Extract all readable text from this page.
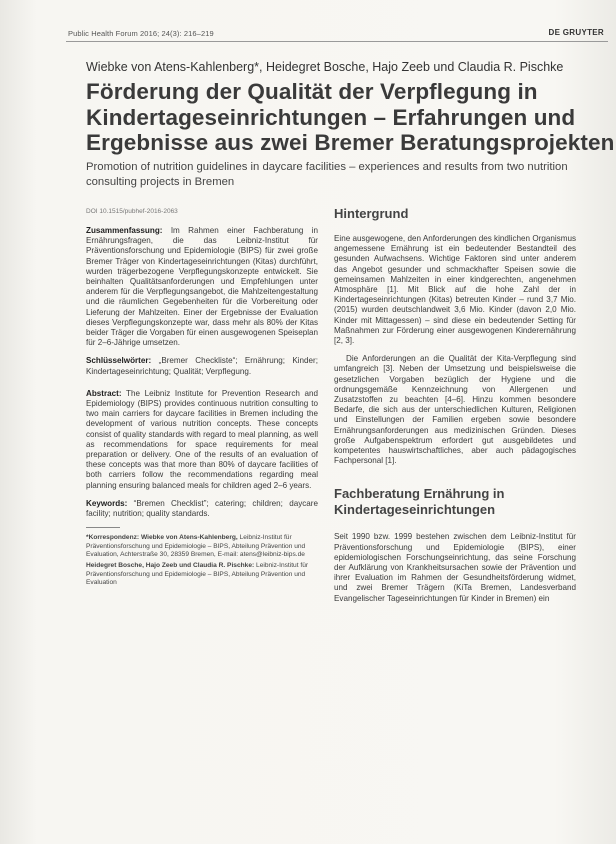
Public Health Forum 2016; 24(3): 216–219	DE GRUYTER
Wiebke von Atens-Kahlenberg*, Heidegret Bosche, Hajo Zeeb und Claudia R. Pischke
Förderung der Qualität der Verpflegung in
Kindertageseinrichtungen – Erfahrungen und
Ergebnisse aus zwei Bremer Beratungsprojekten
Promotion of nutrition guidelines in daycare facilities – experiences and results from two nutrition consulting projects in Bremen
DOI 10.1515/pubhef-2016-2063

Zusammenfassung: Im Rahmen einer Fachberatung in Ernährungsfragen, die das Leibniz-Institut für Präventionsforschung und Epidemiologie (BIPS) für zwei große Bremer Träger von Kindertageseinrichtungen (Kitas) durchführt, wurden trägerbezogene Verpflegungskonzepte entwickelt. Sie beinhalten Qualitätsanforderungen und Empfehlungen unter anderem für die Verpflegungsangebot, die Mahlzeitengestaltung und die räumlichen Gegebenheiten für die Vorbereitung oder Lieferung der Mahlzeiten. Einer der Ergebnisse der Evaluation dieses Verpflegungskonzepte war, dass mehr als 80% der Kitas beider Träger die Vorgaben für einen ausgewogenen Speiseplan für 2–6-Jährige umsetzen.

Schlüsselwörter: „Bremer Checkliste“; Ernährung; Kinder; Kindertageseinrichtung; Qualität; Verpflegung.

Abstract: The Leibniz Institute for Prevention Research and Epidemiology (BIPS) provides continuous nutrition consulting to two main carriers for daycare facilities in Bremen including the development of various nutrition concepts. These concepts consist of quality standards with regard to meal planning, as well as recommendations for space requirements for meal preparation or delivery. One of the results of an evaluation of these concepts was that more than 80% of daycare facilities of both carriers follow the recommendations regarding meal planning ensuring balanced meals for children aged 2–6 years.

Keywords: “Bremen Checklist”; catering; children; daycare facility; nutrition; quality standards.

*Korrespondenz: Wiebke von Atens-Kahlenberg, Leibniz-Institut für Präventionsforschung und Epidemiologie – BIPS, Abteilung Prävention und Evaluation, Achterstraße 30, 28359 Bremen, E-mail: atens@leibniz-bips.de

Heidegret Bosche, Hajo Zeeb und Claudia R. Pischke: Leibniz-Institut für Präventionsforschung und Epidemiologie – BIPS, Abteilung Prävention und Evaluation

Hintergrund

Eine ausgewogene, den Anforderungen des kindlichen Organismus angemessene Ernährung ist ein bedeutender Bestandteil des gesunden Aufwachsens. Wichtige Faktoren sind unter anderem das Angebot gesunder und schmackhafter Speisen sowie die gemeinsamen Mahlzeiten in einer kindgerechten, angenehmen Atmosphäre [1]. Mit Blick auf die hohe Zahl der in Kindertageseinrichtungen (Kitas) betreuten Kinder – rund 3,7 Mio. (2015) wurden deutschlandweit 3,6 Mio. Kinder (davon 2,0 Mio. Kinder mit Mittagessen) – sind diese ein bedeutender Setting für Maßnahmen zur Förderung einer ausgewogenen Kinderernährung [2, 3].

Die Anforderungen an die Qualität der Kita-Verpflegung sind umfangreich [3]. Neben der Umsetzung und beispielsweise die gesetzlichen Vorgaben bezüglich der Hygiene und die ordnungsgemäße Kennzeichnung von Allergenen und Zusatzstoffen zu beachten [4–6]. Hinzu kommen besondere Bedarfe, die sich aus der unterschiedlichen Kulturen, Religionen und Einstellungen der Familien ergeben sowie besondere Ernährungsanforderungen aus medizinischen Gründen. Dieses große Aufgabenspektrum erfordert gut ausgebildetes und kompetentes hauswirtschaftliches, aber auch pädagogisches Fachpersonal [1].

Fachberatung Ernährung in Kindertageseinrichtungen

Seit 1990 bzw. 1999 bestehen zwischen dem Leibniz-Institut für Präventionsforschung und Epidemiologie (BIPS), einer epidemiologischen Forschungseinrichtung, das seine Forschung der Aufklärung von Krankheitsursachen sowie der Prävention und ihrer Evaluation im Rahmen der Gesundheitsförderung widmet, und zwei Bremer Trägern (KiTa Bremen, Landesverband Evangelischer Tageseinrichtungen für Kinder in Bremen) ein
